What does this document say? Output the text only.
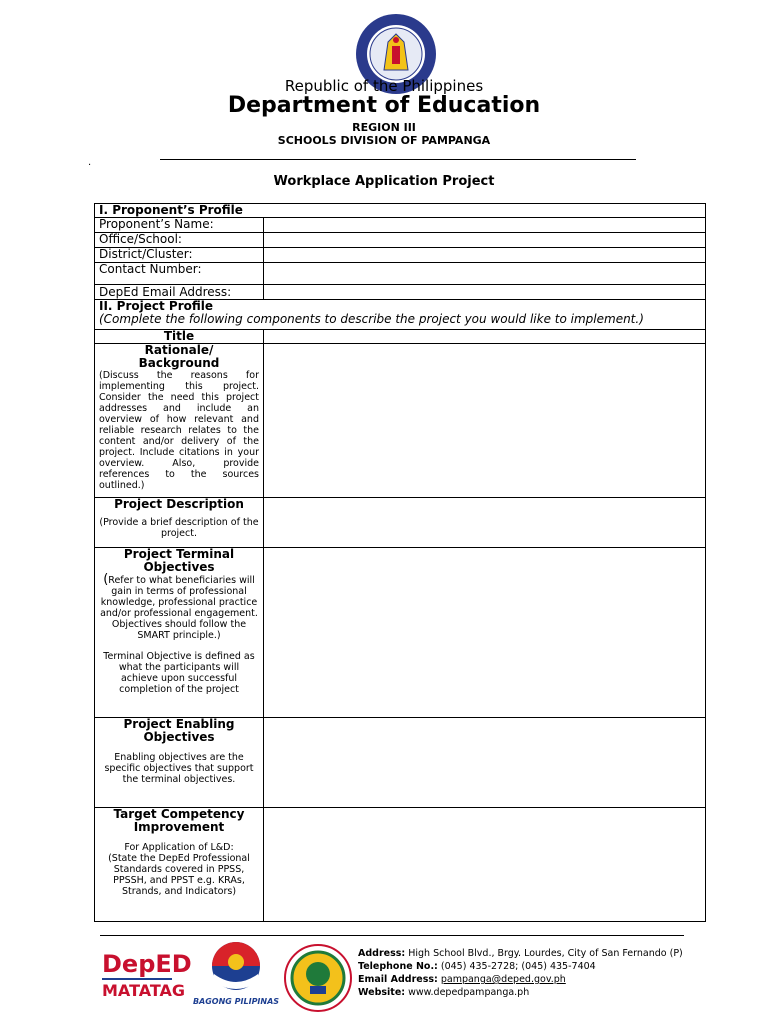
Republic of the Philippines
Department of Education
REGION III
SCHOOLS DIVISION OF PAMPANGA
.
Workplace Application Project
I. Proponent’s Profile	
Proponent’s Name:	
Office/School:	
District/Cluster:	
Contact Number:	
DepEd Email Address:	

II. Project Profile
(Complete the following components to describe the project you would like to implement.)	

Title	

Rationale/ Background
(Discuss the reasons for implementing this project. Consider the need this project addresses and include an overview of how relevant and reliable research relates to the content and/or delivery of the project. Include citations in your overview. Also, provide references to the sources outlined.)	

Project Description
(Provide a brief description of the project.	

Project Terminal Objectives
(Refer to what beneficiaries will gain in terms of professional knowledge, professional practice and/or professional engagement. Objectives should follow the SMART principle.)
Terminal Objective is defined as what the participants will achieve upon successful completion of the project	

Project Enabling Objectives
Enabling objectives are the specific objectives that support the terminal objectives.	

Target Competency Improvement
For Application of L&D:
(State the DepEd Professional Standards covered in PPSS, PPSSH, and PPST e.g. KRAs, Strands, and Indicators)	

DepED
MATATAG
BAGONG PILIPINAS
Address: High School Blvd., Brgy. Lourdes, City of San Fernando (P)
Telephone No.: (045) 435-2728; (045) 435-7404
Email Address: pampanga@deped.gov.ph
Website: www.depedpampanga.ph
